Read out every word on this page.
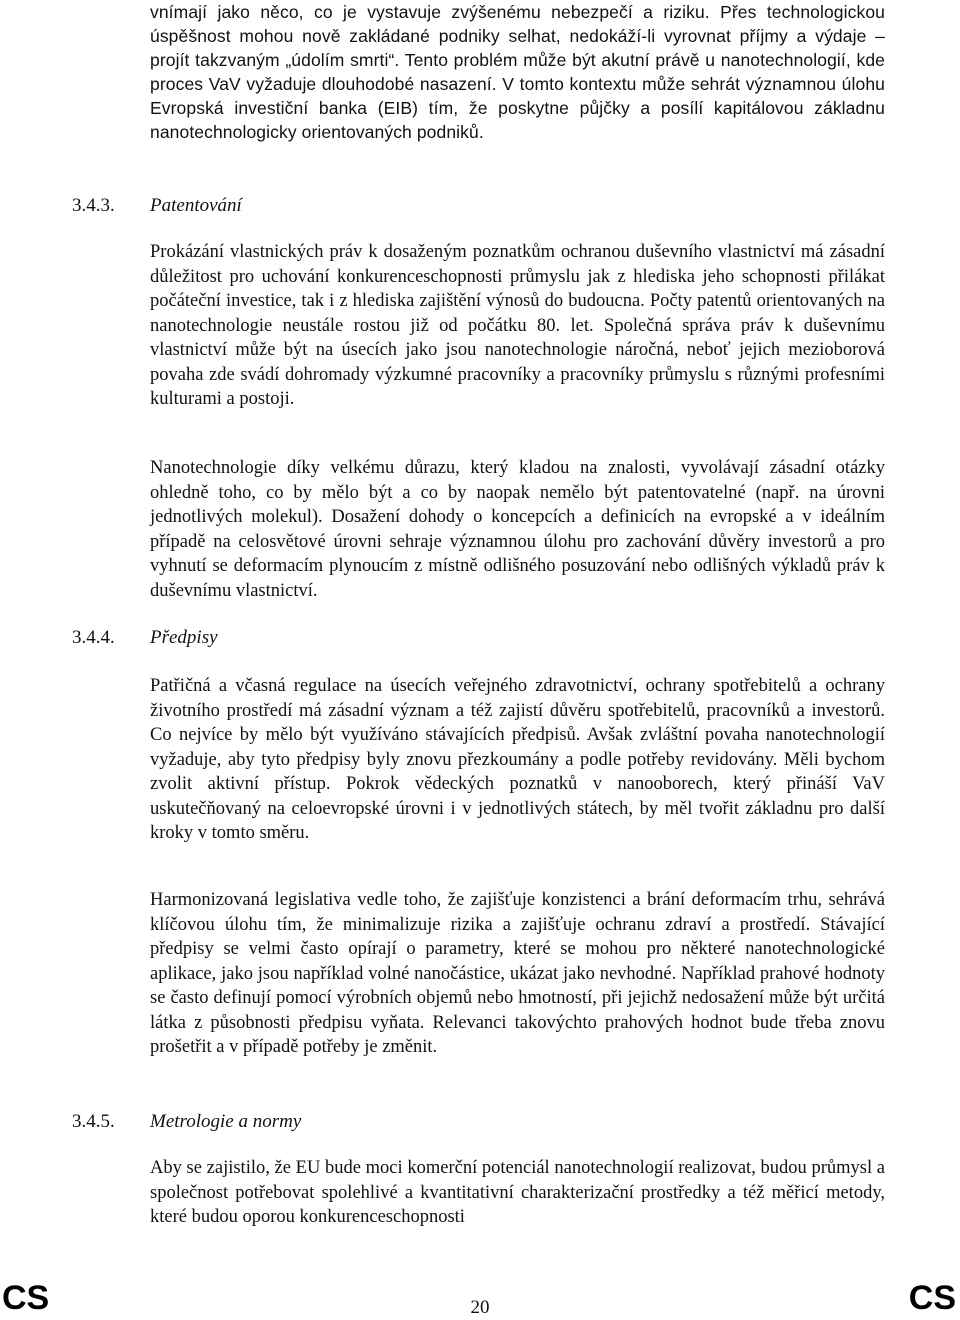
vnímají jako něco, co je vystavuje zvýšenému nebezpečí a riziku. Přes technologickou úspěšnost mohou nově zakládané podniky selhat, nedokáží-li vyrovnat příjmy a výdaje – projít takzvaným „údolím smrti“. Tento problém může být akutní právě u nanotechnologií, kde proces VaV vyžaduje dlouhodobé nasazení. V tomto kontextu může sehrát významnou úlohu Evropská investiční banka (EIB) tím, že poskytne půjčky a posílí kapitálovou základnu nanotechnologicky orientovaných podniků.

3.4.3. Patentování

Prokázání vlastnických práv k dosaženým poznatkům ochranou duševního vlastnictví má zásadní důležitost pro uchování konkurenceschopnosti průmyslu jak z hlediska jeho schopnosti přilákat počáteční investice, tak i z hlediska zajištění výnosů do budoucna. Počty patentů orientovaných na nanotechnologie neustále rostou již od počátku 80. let. Společná správa práv k duševnímu vlastnictví může být na úsecích jako jsou nanotechnologie náročná, neboť jejich mezioborová povaha zde svádí dohromady výzkumné pracovníky a pracovníky průmyslu s různými profesními kulturami a postoji.

Nanotechnologie díky velkému důrazu, který kladou na znalosti, vyvolávají zásadní otázky ohledně toho, co by mělo být a co by naopak nemělo být patentovatelné (např. na úrovni jednotlivých molekul). Dosažení dohody o koncepcích a definicích na evropské a v ideálním případě na celosvětové úrovni sehraje významnou úlohu pro zachování důvěry investorů a pro vyhnutí se deformacím plynoucím z místně odlišného posuzování nebo odlišných výkladů práv k duševnímu vlastnictví.

3.4.4. Předpisy

Patřičná a včasná regulace na úsecích veřejného zdravotnictví, ochrany spotřebitelů a ochrany životního prostředí má zásadní význam a též zajistí důvěru spotřebitelů, pracovníků a investorů. Co nejvíce by mělo být využíváno stávajících předpisů. Avšak zvláštní povaha nanotechnologií vyžaduje, aby tyto předpisy byly znovu přezkoumány a podle potřeby revidovány. Měli bychom zvolit aktivní přístup. Pokrok vědeckých poznatků v nanooborech, který přináší VaV uskutečňovaný na celoevropské úrovni i v jednotlivých státech, by měl tvořit základnu pro další kroky v tomto směru.

Harmonizovaná legislativa vedle toho, že zajišťuje konzistenci a brání deformacím trhu, sehrává klíčovou úlohu tím, že minimalizuje rizika a zajišťuje ochranu zdraví a prostředí. Stávající předpisy se velmi často opírají o parametry, které se mohou pro některé nanotechnologické aplikace, jako jsou například volné nanočástice, ukázat jako nevhodné. Například prahové hodnoty se často definují pomocí výrobních objemů nebo hmotností, při jejichž nedosažení může být určitá látka z působnosti předpisu vyňata. Relevanci takovýchto prahových hodnot bude třeba znovu prošetřit a v případě potřeby je změnit.

3.4.5. Metrologie a normy

Aby se zajistilo, že EU bude moci komerční potenciál nanotechnologií realizovat, budou průmysl a společnost potřebovat spolehlivé a kvantitativní charakterizační prostředky a též měřicí metody, které budou oporou konkurenceschopnosti

CS	20	CS
